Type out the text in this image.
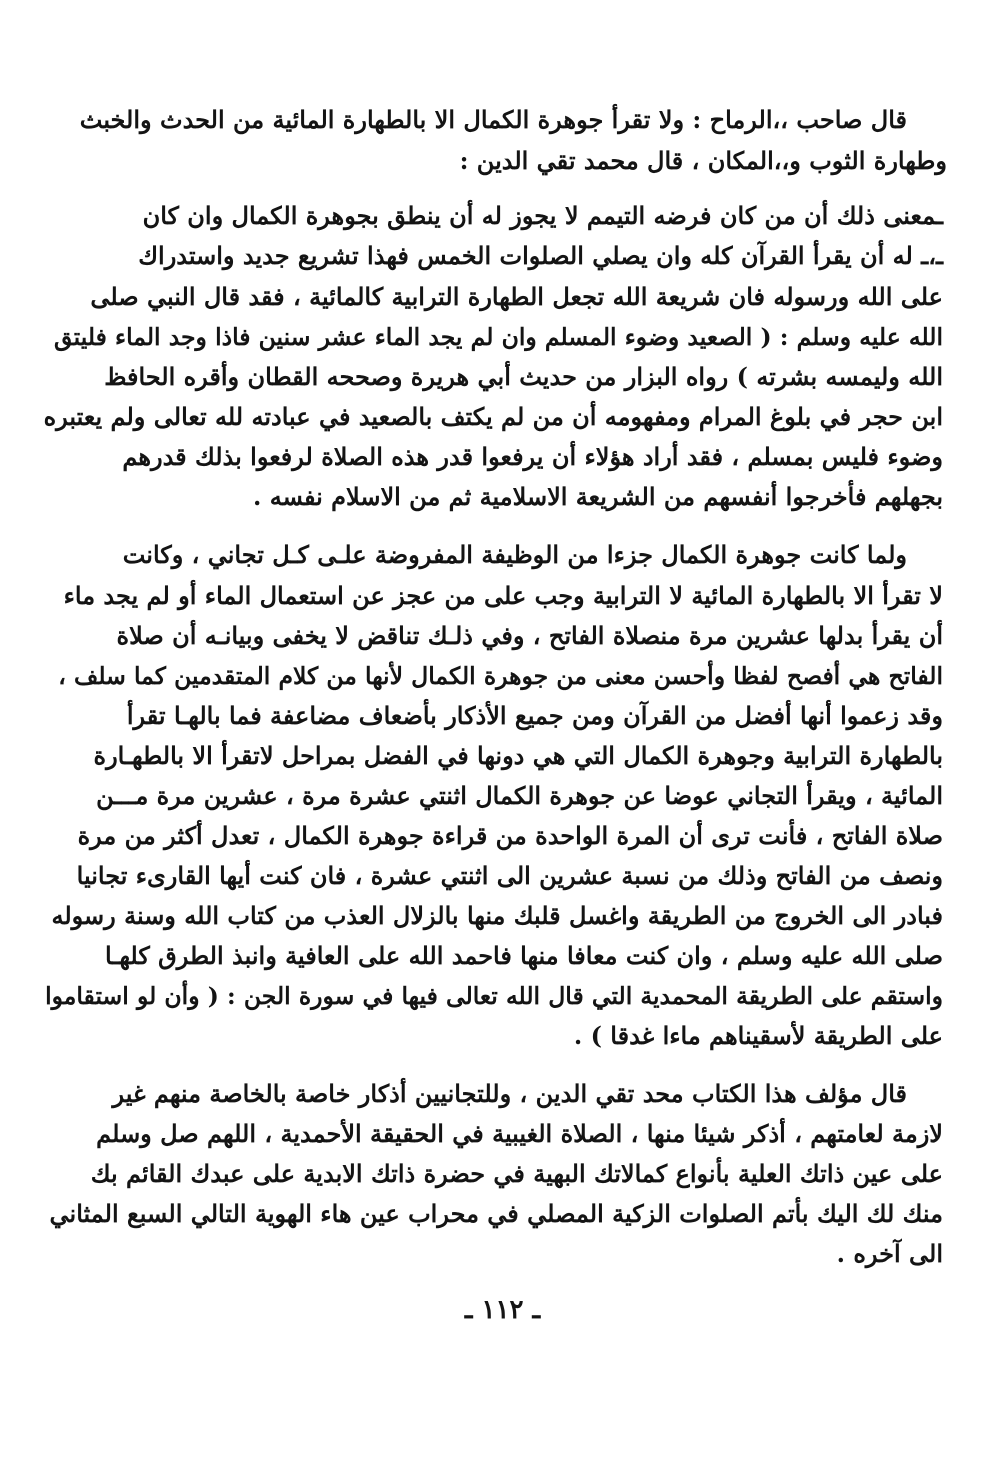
قال صاحب ،،الرماح : ولا تقرأ جوهرة الكمال الا بالطهارة المائية من الحدث والخبث
وطهارة الثوب و،،المكان ، قال محمد تقي الدين :
ـمعنى ذلك أن من كان فرضه التيمم لا يجوز له أن ينطق بجوهرة الكمال وان كان
ـ،ـ له أن يقرأ القرآن كله وان يصلي الصلوات الخمس فهذا تشريع جديد واستدراك
على الله ورسوله فان شريعة الله تجعل الطهارة الترابية كالمائية ، فقد قال النبي صلى
الله عليه وسلم : ( الصعيد وضوء المسلم وان لم يجد الماء عشر سنين فاذا وجد الماء فليتق
الله وليمسه بشرته ) رواه البزار من حديث أبي هريرة وصححه القطان وأقره الحافظ
ابن حجر في بلوغ المرام ومفهومه أن من لم يكتف بالصعيد في عبادته لله تعالى ولم يعتبره
وضوء فليس بمسلم ، فقد أراد هؤلاء أن يرفعوا قدر هذه الصلاة لرفعوا بذلك قدرهم
بجهلهم فأخرجوا أنفسهم من الشريعة الاسلامية ثم من الاسلام نفسه .
ولما كانت جوهرة الكمال جزءا من الوظيفة المفروضة علـى كـل تجاني ، وكانت
لا تقرأ الا بالطهارة المائية لا الترابية وجب على من عجز عن استعمال الماء أو لم يجد ماء
أن يقرأ بدلها عشرين مرة منصلاة الفاتح ، وفي ذلـك تناقض لا يخفى وبيانـه أن صلاة
الفاتح هي أفصح لفظا وأحسن معنى من جوهرة الكمال لأنها من كلام المتقدمين كما سلف ،
وقد زعموا أنها أفضل من القرآن ومن جميع الأذكار بأضعاف مضاعفة فما بالهـا تقرأ
بالطهارة الترابية وجوهرة الكمال التي هي دونها في الفضل بمراحل لاتقرأ الا بالطهـارة
المائية ، ويقرأ التجاني عوضا عن جوهرة الكمال اثنتي عشرة مرة ، عشرين مرة مـــن
صلاة الفاتح ، فأنت ترى أن المرة الواحدة من قراءة جوهرة الكمال ، تعدل أكثر من مرة
ونصف من الفاتح وذلك من نسبة عشرين الى اثنتي عشرة ، فان كنت أيها القارىء تجانيا
فبادر الى الخروج من الطريقة واغسل قلبك منها بالزلال العذب من كتاب الله وسنة رسوله
صلى الله عليه وسلم ، وان كنت معافا منها فاحمد الله على العافية وانبذ الطرق كلهـا
واستقم على الطريقة المحمدية التي قال الله تعالى فيها في سورة الجن : ( وأن لو استقاموا
على الطريقة لأسقيناهم ماءا غدقا ) .
قال مؤلف هذا الكتاب محد تقي الدين ، وللتجانيين أذكار خاصة بالخاصة منهم غير
لازمة لعامتهم ، أذكر شيئا منها ، الصلاة الغيبية في الحقيقة الأحمدية ، اللهم صل وسلم
على عين ذاتك العلية بأنواع كمالاتك البهية في حضرة ذاتك الابدية على عبدك القائم بك
منك لك اليك بأتم الصلوات الزكية المصلي في محراب عين هاء الهوية التالي السبع المثاني
الى آخره .
ـ ١١٢ ـ
